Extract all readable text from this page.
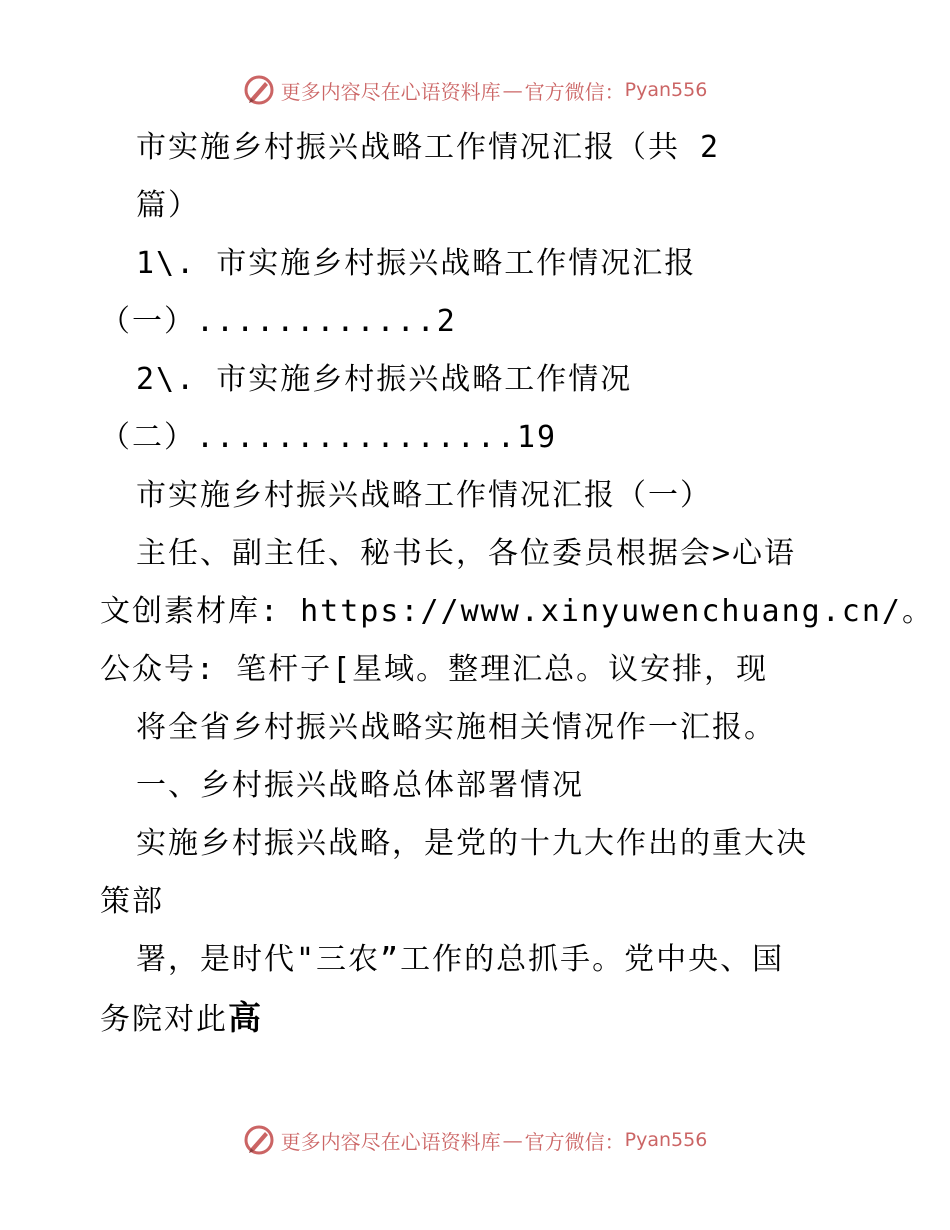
更多内容尽在心语资料库 — 官方微信： Pyan556
市实施乡村振兴战略工作情况汇报（共 2
篇）
1\. 市实施乡村振兴战略工作情况汇报
（一）............2
2\. 市实施乡村振兴战略工作情况
（二）................19
市实施乡村振兴战略工作情况汇报（一）
主任、副主任、秘书长，各位委员根据会>心语
文创素材库: https://www.xinyuwenchuang.cn/。
公众号: 笔杆子[星域。整理汇总。议安排，现
将全省乡村振兴战略实施相关情况作一汇报。
一、乡村振兴战略总体部署情况
实施乡村振兴战略，是党的十九大作出的重大决
策部
署，是时代"三农”工作的总抓手。党中央、国
务院对此高
更多内容尽在心语资料库 — 官方微信： Pyan556
